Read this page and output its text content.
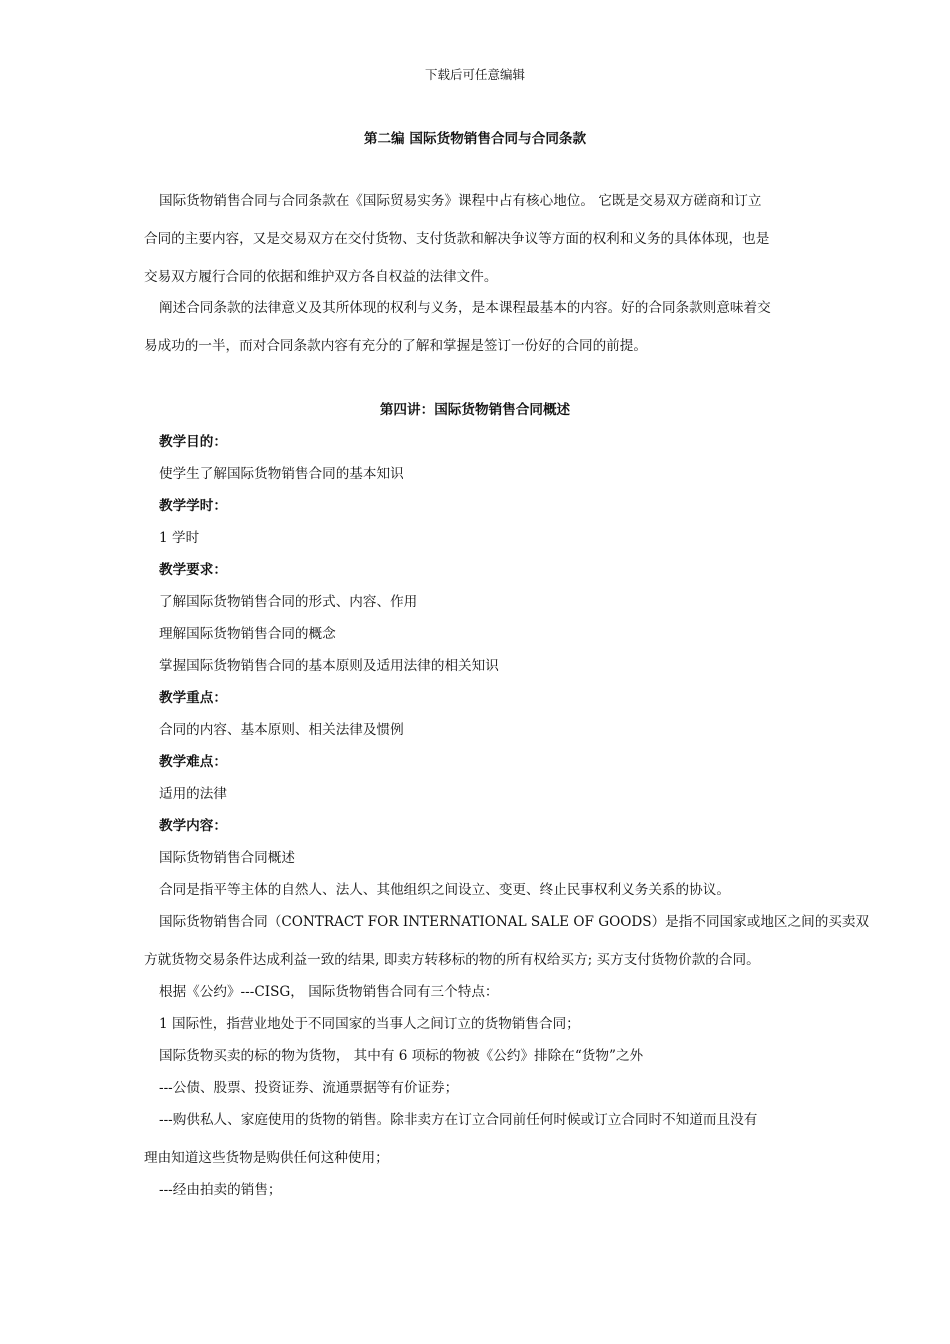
下载后可任意编辑
第二编 国际货物销售合同与合同条款
国际货物销售合同与合同条款在《国际贸易实务》课程中占有核心地位。 它既是交易双方磋商和订立
合同的主要内容，又是交易双方在交付货物、支付货款和解决争议等方面的权利和义务的具体体现，也是
交易双方履行合同的依据和维护双方各自权益的法律文件。
阐述合同条款的法律意义及其所体现的权利与义务，是本课程最基本的内容。好的合同条款则意味着交
易成功的一半，而对合同条款内容有充分的了解和掌握是签订一份好的合同的前提。
第四讲：国际货物销售合同概述
教学目的：
使学生了解国际货物销售合同的基本知识
教学学时：
1 学时
教学要求：
了解国际货物销售合同的形式、内容、作用
理解国际货物销售合同的概念
掌握国际货物销售合同的基本原则及适用法律的相关知识
教学重点：
合同的内容、基本原则、相关法律及惯例
教学难点：
适用的法律
教学内容：
国际货物销售合同概述
合同是指平等主体的自然人、法人、其他组织之间设立、变更、终止民事权利义务关系的协议。
国际货物销售合同（CONTRACT FOR INTERNATIONAL SALE OF GOODS）是指不同国家或地区之间的买卖双
方就货物交易条件达成利益一致的结果, 即卖方转移标的物的所有权给买方; 买方支付货物价款的合同。
根据《公约》---CISG， 国际货物销售合同有三个特点：
1 国际性，指营业地处于不同国家的当事人之间订立的货物销售合同；
国际货物买卖的标的物为货物， 其中有 6 项标的物被《公约》排除在“货物”之外
---公债、股票、投资证券、流通票据等有价证券；
---购供私人、家庭使用的货物的销售。除非卖方在订立合同前任何时候或订立合同时不知道而且没有
理由知道这些货物是购供任何这种使用；
---经由拍卖的销售；
